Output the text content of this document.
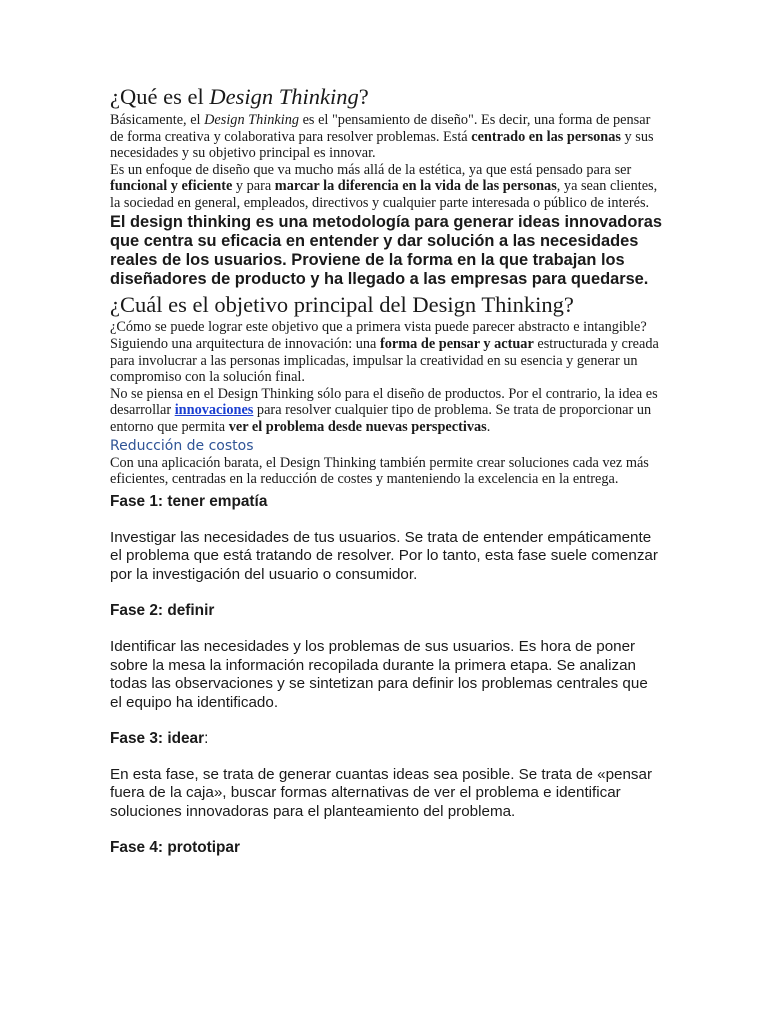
¿Qué es el Design Thinking?

Básicamente, el Design Thinking es el "pensamiento de diseño". Es decir, una forma de pensar de forma creativa y colaborativa para resolver problemas. Está centrado en las personas y sus necesidades y su objetivo principal es innovar.

Es un enfoque de diseño que va mucho más allá de la estética, ya que está pensado para ser funcional y eficiente y para marcar la diferencia en la vida de las personas, ya sean clientes, la sociedad en general, empleados, directivos y cualquier parte interesada o público de interés.

El design thinking es una metodología para generar ideas innovadoras que centra su eficacia en entender y dar solución a las necesidades reales de los usuarios. Proviene de la forma en la que trabajan los diseñadores de producto y ha llegado a las empresas para quedarse.

¿Cuál es el objetivo principal del Design Thinking?

¿Cómo se puede lograr este objetivo que a primera vista puede parecer abstracto e intangible?

Siguiendo una arquitectura de innovación: una forma de pensar y actuar estructurada y creada para involucrar a las personas implicadas, impulsar la creatividad en su esencia y generar un compromiso con la solución final.

No se piensa en el Design Thinking sólo para el diseño de productos. Por el contrario, la idea es desarrollar innovaciones para resolver cualquier tipo de problema. Se trata de proporcionar un entorno que permita ver el problema desde nuevas perspectivas.

Reducción de costos

Con una aplicación barata, el Design Thinking también permite crear soluciones cada vez más eficientes, centradas en la reducción de costes y manteniendo la excelencia en la entrega.

Fase 1: tener empatía

Investigar las necesidades de tus usuarios. Se trata de entender empáticamente el problema que está tratando de resolver. Por lo tanto, esta fase suele comenzar por la investigación del usuario o consumidor.

Fase 2: definir

Identificar las necesidades y los problemas de sus usuarios. Es hora de poner sobre la mesa la información recopilada durante la primera etapa. Se analizan todas las observaciones y se sintetizan para definir los problemas centrales que el equipo ha identificado.

Fase 3: idear:

En esta fase, se trata de generar cuantas ideas sea posible. Se trata de «pensar fuera de la caja», buscar formas alternativas de ver el problema e identificar soluciones innovadoras para el planteamiento del problema.

Fase 4: prototipar
